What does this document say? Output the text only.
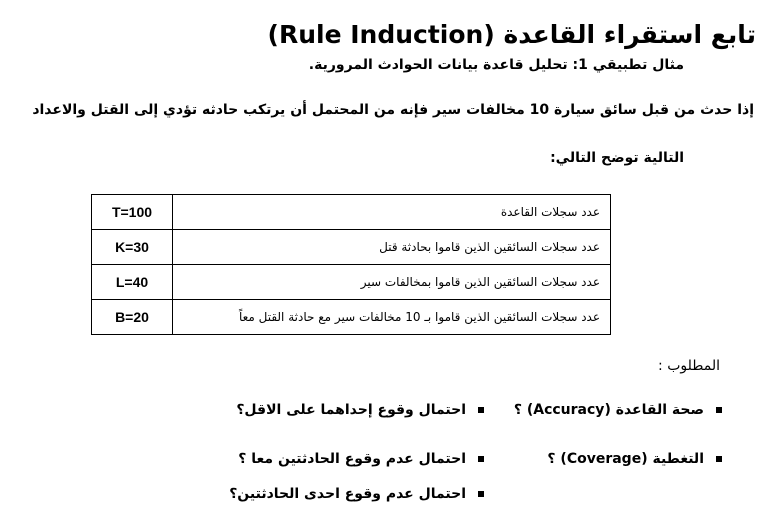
تابع استقراء القاعدة (Rule Induction)
مثال تطبيقي 1: تحليل قاعدة بيانات الحوادث المرورية.
إذا حدث من قبل سائق سيارة 10 مخالفات سير فإنه من المحتمل أن يرتكب حادثه تؤدي إلى القتل والاعداد
التالية توضح التالي:
T=100	عدد سجلات القاعدة
K=30	عدد سجلات السائقين الذين قاموا بحادثة قتل
L=40	عدد سجلات السائقين الذين قاموا بمخالفات سير
B=20	عدد سجلات السائقين الذين قاموا بـ 10 مخالفات سير مع حادثة القتل معاً
المطلوب :
صحة القاعدة (Accuracy) ؟
التغطية (Coverage) ؟
احتمال وقوع إحداهما على الاقل؟
احتمال عدم وقوع الحادثتين معا ؟
احتمال عدم وقوع احدى الحادثتين؟
